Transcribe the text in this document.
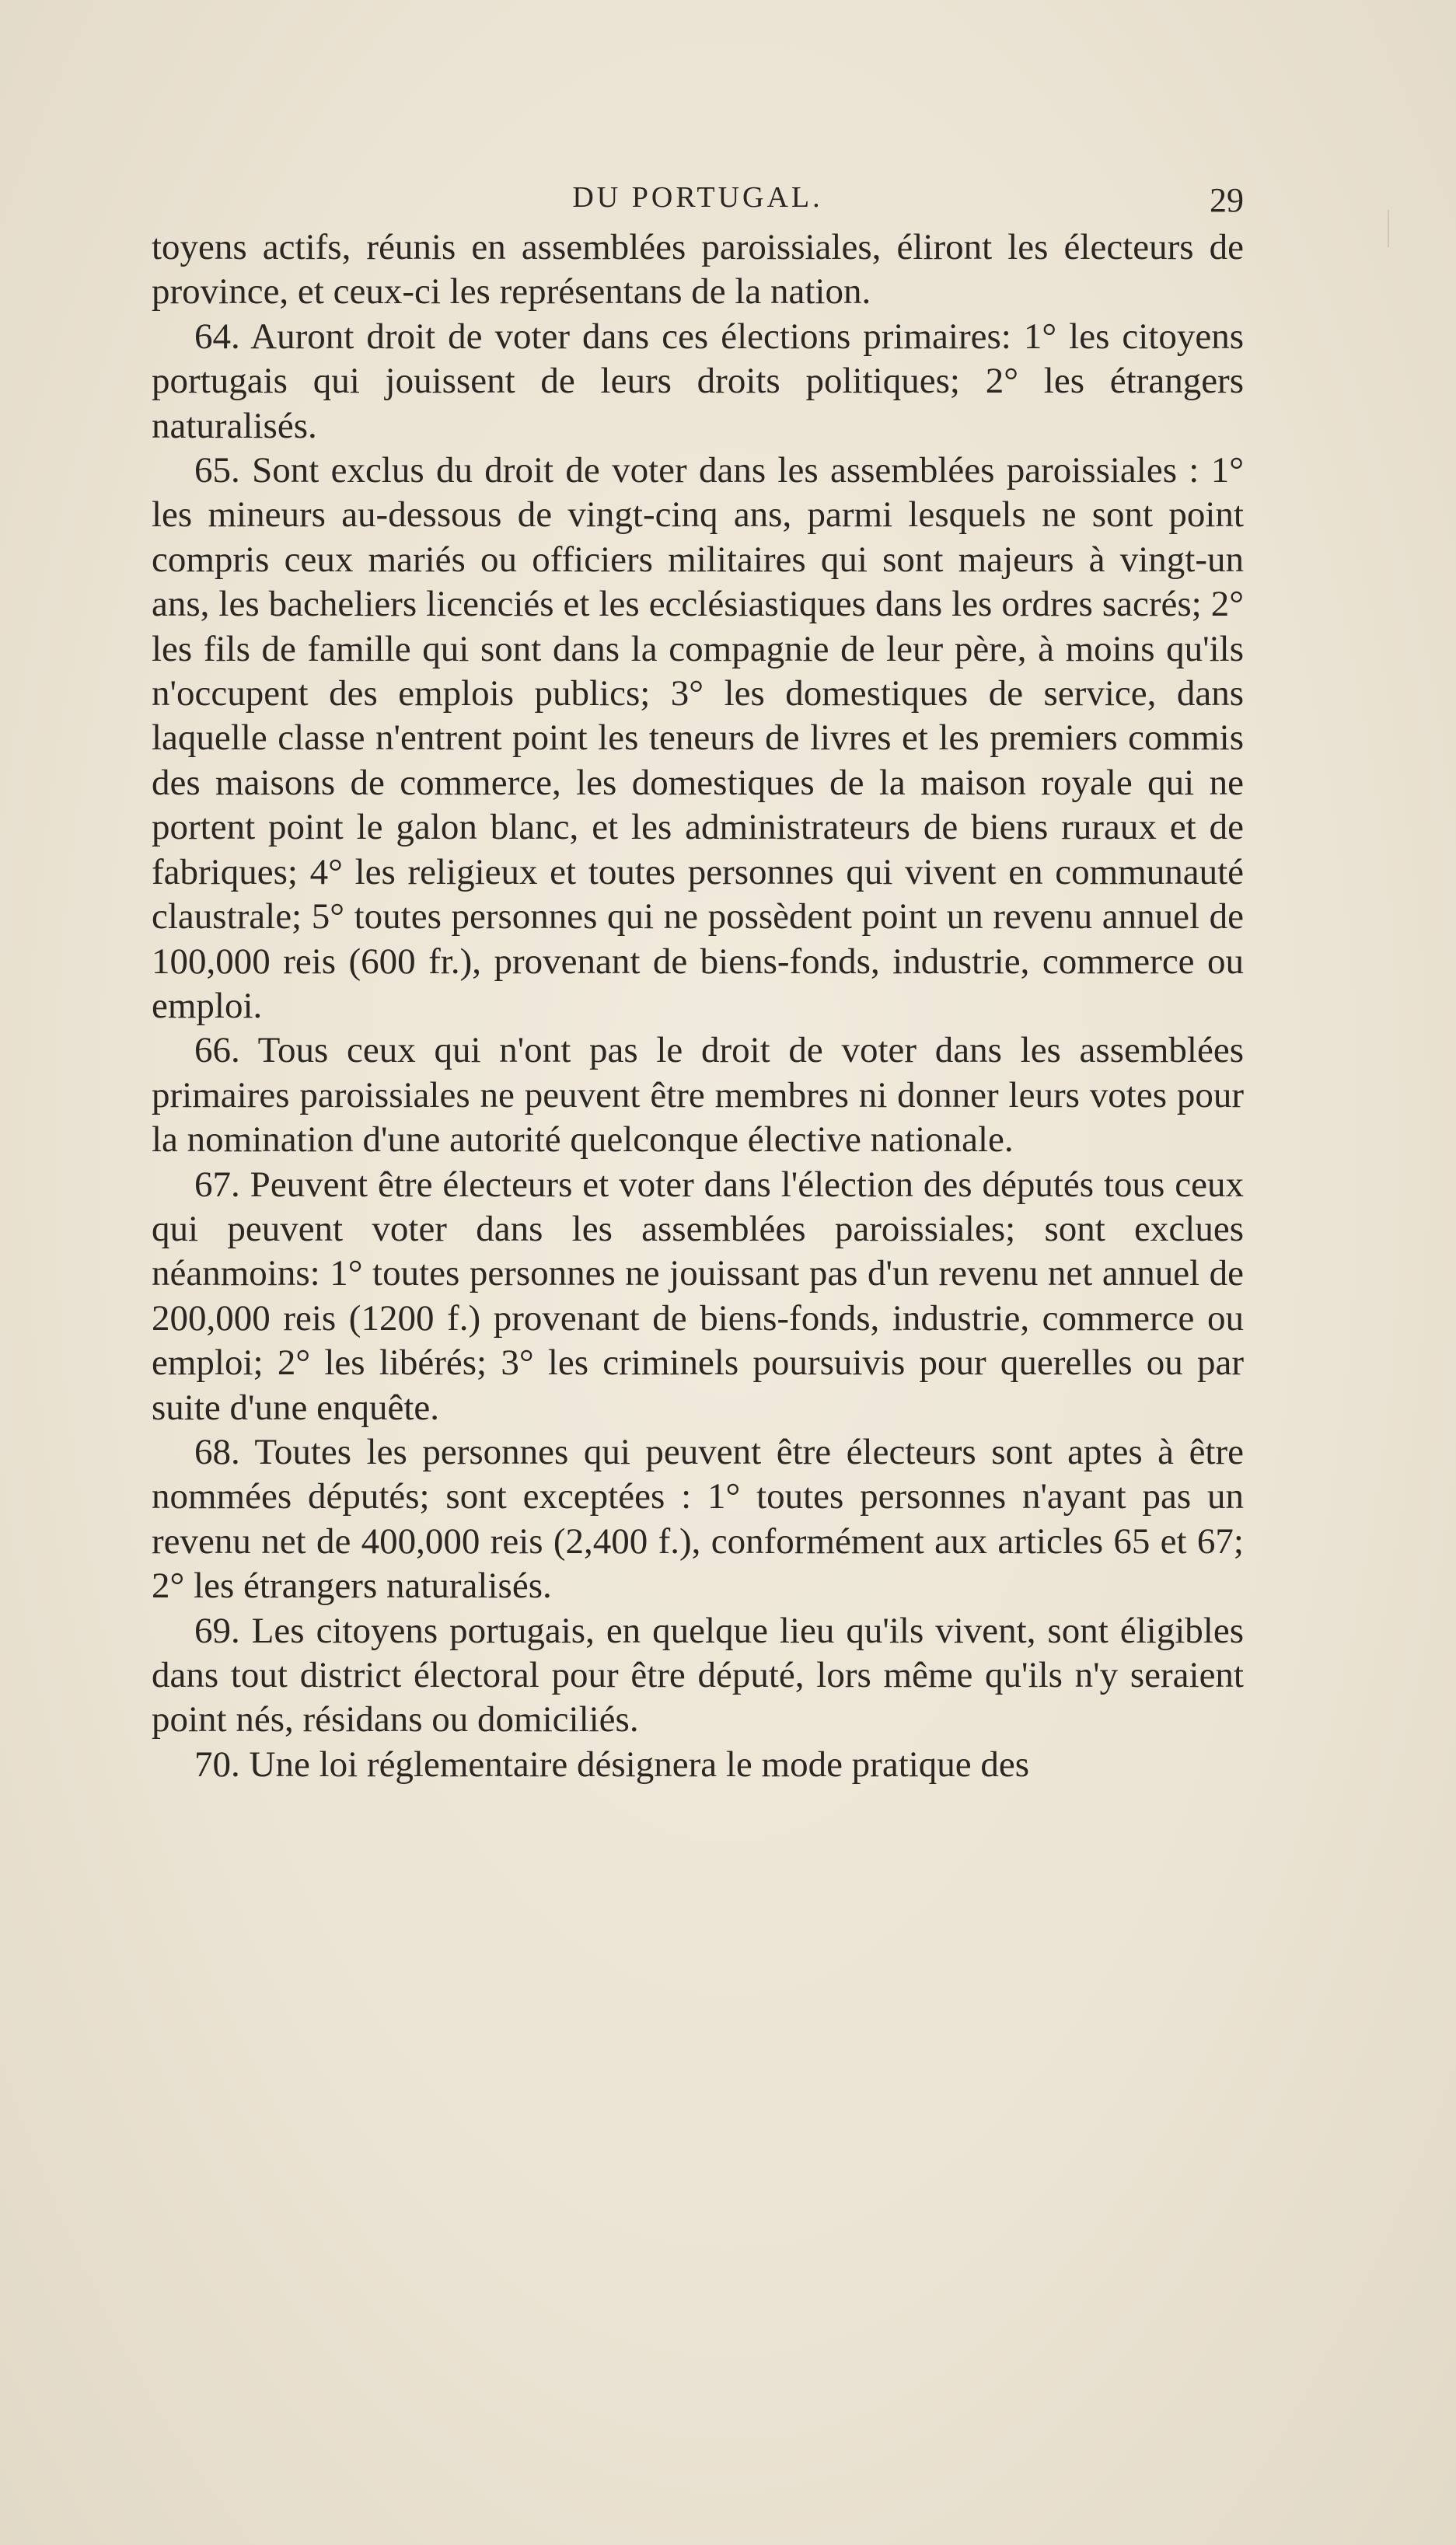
DU PORTUGAL.	29

toyens actifs, réunis en assemblées paroissiales, éliront les électeurs de province, et ceux-ci les représentans de la nation.

64. Auront droit de voter dans ces élections primaires: 1° les citoyens portugais qui jouissent de leurs droits politiques; 2° les étrangers naturalisés.

65. Sont exclus du droit de voter dans les assemblées paroissiales : 1° les mineurs au-dessous de vingt-cinq ans, parmi lesquels ne sont point compris ceux mariés ou officiers militaires qui sont majeurs à vingt-un ans, les bacheliers licenciés et les ecclésiastiques dans les ordres sacrés; 2° les fils de famille qui sont dans la compagnie de leur père, à moins qu'ils n'occupent des emplois publics; 3° les domestiques de service, dans laquelle classe n'entrent point les teneurs de livres et les premiers commis des maisons de commerce, les domestiques de la maison royale qui ne portent point le galon blanc, et les administrateurs de biens ruraux et de fabriques; 4° les religieux et toutes personnes qui vivent en communauté claustrale; 5° toutes personnes qui ne possèdent point un revenu annuel de 100,000 reis (600 fr.), provenant de biens-fonds, industrie, commerce ou emploi.

66. Tous ceux qui n'ont pas le droit de voter dans les assemblées primaires paroissiales ne peuvent être membres ni donner leurs votes pour la nomination d'une autorité quelconque élective nationale.

67. Peuvent être électeurs et voter dans l'élection des députés tous ceux qui peuvent voter dans les assemblées paroissiales; sont exclues néanmoins: 1° toutes personnes ne jouissant pas d'un revenu net annuel de 200,000 reis (1200 f.) provenant de biens-fonds, industrie, commerce ou emploi; 2° les libérés; 3° les criminels poursuivis pour querelles ou par suite d'une enquête.

68. Toutes les personnes qui peuvent être électeurs sont aptes à être nommées députés; sont exceptées : 1° toutes personnes n'ayant pas un revenu net de 400,000 reis (2,400 f.), conformément aux articles 65 et 67; 2° les étrangers naturalisés.

69. Les citoyens portugais, en quelque lieu qu'ils vivent, sont éligibles dans tout district électoral pour être député, lors même qu'ils n'y seraient point nés, résidans ou domiciliés.

70. Une loi réglementaire désignera le mode pratique des
